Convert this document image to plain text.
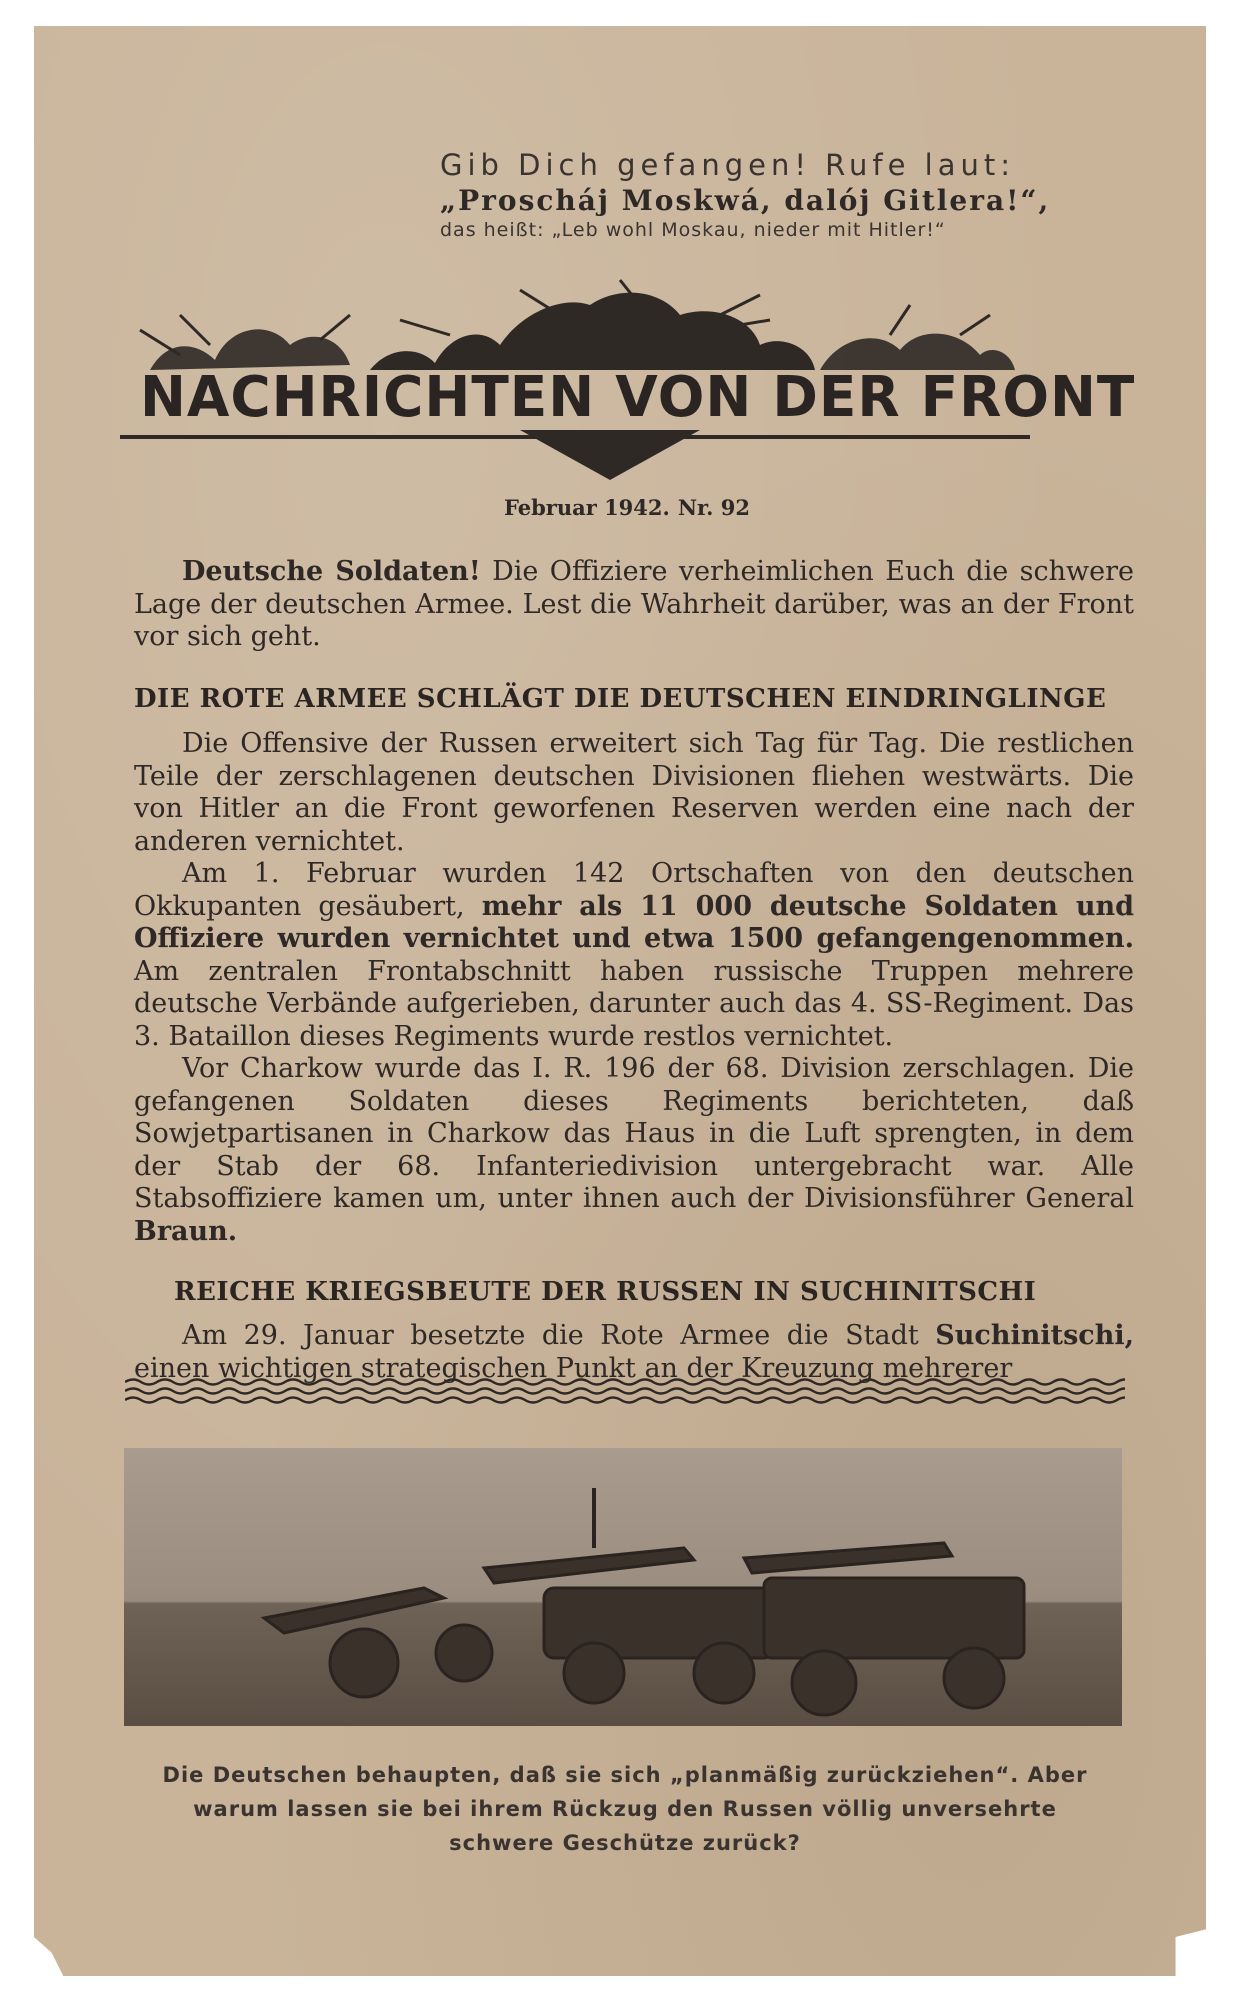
Gib Dich gefangen! Rufe laut:
„Proscháj Moskwá, dalój Gitlera!“,
das heißt: „Leb wohl Moskau, nieder mit Hitler!“
NACHRICHTEN VON DER FRONT
Februar 1942. Nr. 92

Deutsche Soldaten! Die Offiziere verheimlichen Euch die schwere Lage der deutschen Armee. Lest die Wahrheit darüber, was an der Front vor sich geht.

DIE ROTE ARMEE SCHLÄGT DIE DEUTSCHEN EINDRINGLINGE

Die Offensive der Russen erweitert sich Tag für Tag. Die restlichen Teile der zerschlagenen deutschen Divisionen fliehen westwärts. Die von Hitler an die Front geworfenen Reserven werden eine nach der anderen vernichtet.

Am 1. Februar wurden 142 Ortschaften von den deutschen Okkupanten gesäubert, mehr als 11 000 deutsche Soldaten und Offiziere wurden vernichtet und etwa 1500 gefangengenommen. Am zentralen Frontabschnitt haben russische Truppen mehrere deutsche Verbände aufgerieben, darunter auch das 4. SS-Regiment. Das 3. Bataillon dieses Regiments wurde restlos vernichtet.

Vor Charkow wurde das I. R. 196 der 68. Division zerschlagen. Die gefangenen Soldaten dieses Regiments berichteten, daß Sowjetpartisanen in Charkow das Haus in die Luft sprengten, in dem der Stab der 68. Infanteriedivision untergebracht war. Alle Stabsoffiziere kamen um, unter ihnen auch der Divisionsführer General Braun.

REICHE KRIEGSBEUTE DER RUSSEN IN SUCHINITSCHI

Am 29. Januar besetzte die Rote Armee die Stadt Suchinitschi, einen wichtigen strategischen Punkt an der Kreuzung mehrerer

Die Deutschen behaupten, daß sie sich „planmäßig zurückziehen“. Aber warum lassen sie bei ihrem Rückzug den Russen völlig unversehrte schwere Geschütze zurück?
